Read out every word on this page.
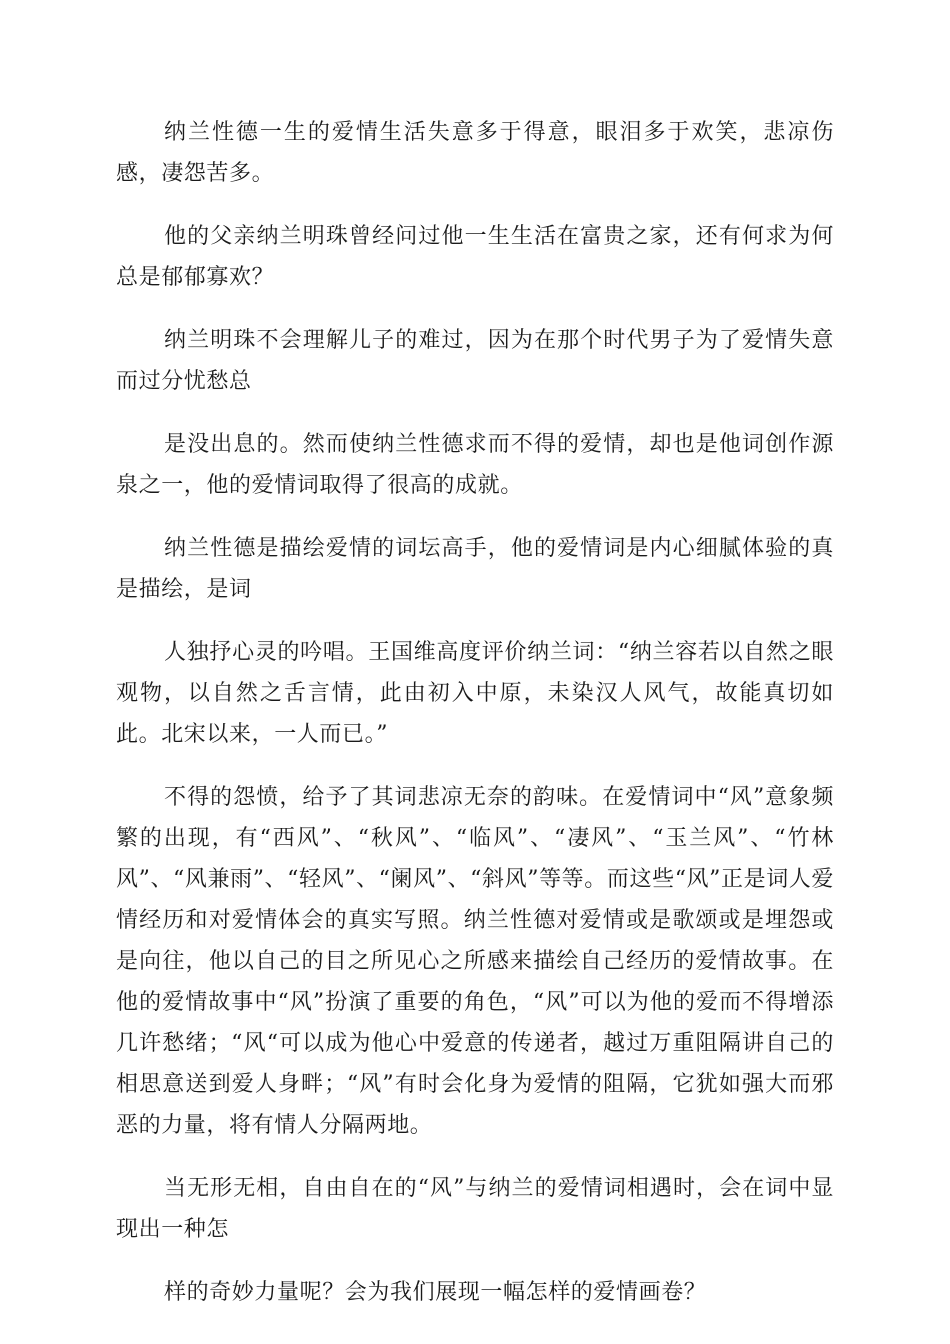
纳兰性德一生的爱情生活失意多于得意，眼泪多于欢笑，悲凉伤感，凄怨苦多。

他的父亲纳兰明珠曾经问过他一生生活在富贵之家，还有何求为何总是郁郁寡欢？

纳兰明珠不会理解儿子的难过，因为在那个时代男子为了爱情失意而过分忧愁总

是没出息的。然而使纳兰性德求而不得的爱情，却也是他词创作源泉之一，他的爱情词取得了很高的成就。

纳兰性德是描绘爱情的词坛高手，他的爱情词是内心细腻体验的真是描绘，是词

人独抒心灵的吟唱。王国维高度评价纳兰词：“纳兰容若以自然之眼观物，以自然之舌言情，此由初入中原，未染汉人风气，故能真切如此。北宋以来，一人而已。”

不得的怨愤，给予了其词悲凉无奈的韵味。在爱情词中“风”意象频繁的出现，有“西风”、“秋风”、“临风”、“凄风”、“玉兰风”、“竹林风”、“风兼雨”、“轻风”、“阑风”、“斜风”等等。而这些“风”正是词人爱情经历和对爱情体会的真实写照。纳兰性德对爱情或是歌颂或是埋怨或是向往，他以自己的目之所见心之所感来描绘自己经历的爱情故事。在他的爱情故事中“风”扮演了重要的角色，“风”可以为他的爱而不得增添几许愁绪；“风“可以成为他心中爱意的传递者，越过万重阻隔讲自己的相思意送到爱人身畔；“风”有时会化身为爱情的阻隔，它犹如强大而邪恶的力量，将有情人分隔两地。

当无形无相，自由自在的“风”与纳兰的爱情词相遇时，会在词中显现出一种怎

样的奇妙力量呢？会为我们展现一幅怎样的爱情画卷？
